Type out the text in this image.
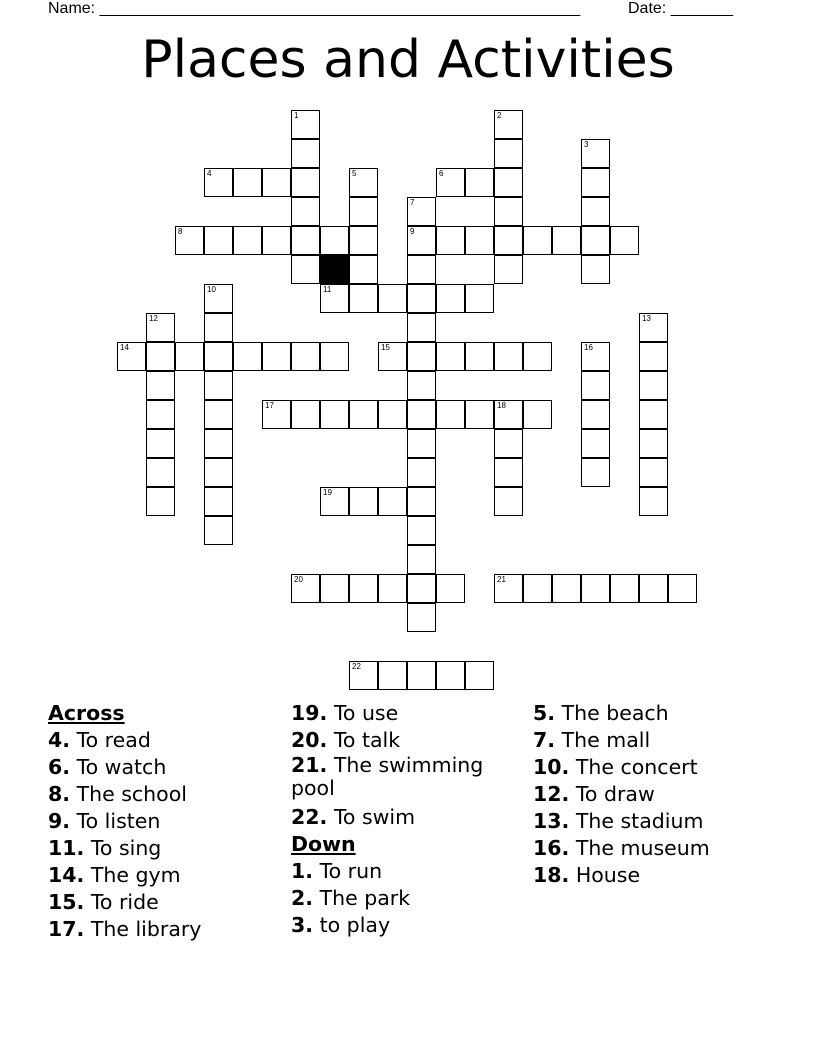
Name: ______________________________________________________	Date: _______
Places and Activities
1	2
3
4	5	6
7
9
8
10	11
12	13
14	15	16
17	18
19
20	21
22
Across
4. To read
6. To watch
8. The school
9. To listen
11. To sing
14. The gym
15. To ride
17. The library
19. To use
20. To talk
21. The swimming pool
22. To swim
Down
1. To run
2. The park
3. to play
5. The beach
7. The mall
10. The concert
12. To draw
13. The stadium
16. The museum
18. House
